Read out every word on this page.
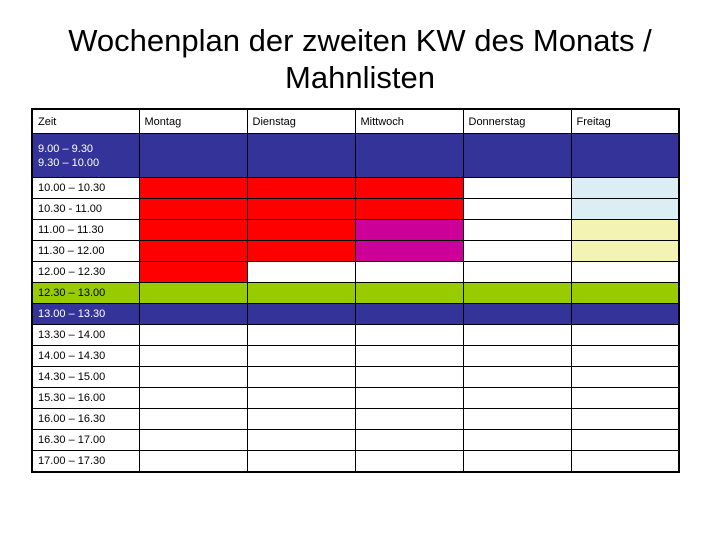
Wochenplan der zweiten KW des Monats /
Mahnlisten
Zeit	Montag	Dienstag	Mittwoch	Donnerstag	Freitag

9.00 – 9.30
9.30 – 10.00					

10.00 – 10.30					

10.30 - 11.00					

11.00 – 11.30					

11.30 – 12.00					

12.00 – 12.30					

12.30 – 13.00					

13.00 – 13.30					

13.30 – 14.00					

14.00 – 14.30					

14.30 – 15.00					

15.30 – 16.00					

16.00 – 16.30					

16.30 – 17.00					

17.00 – 17.30					
